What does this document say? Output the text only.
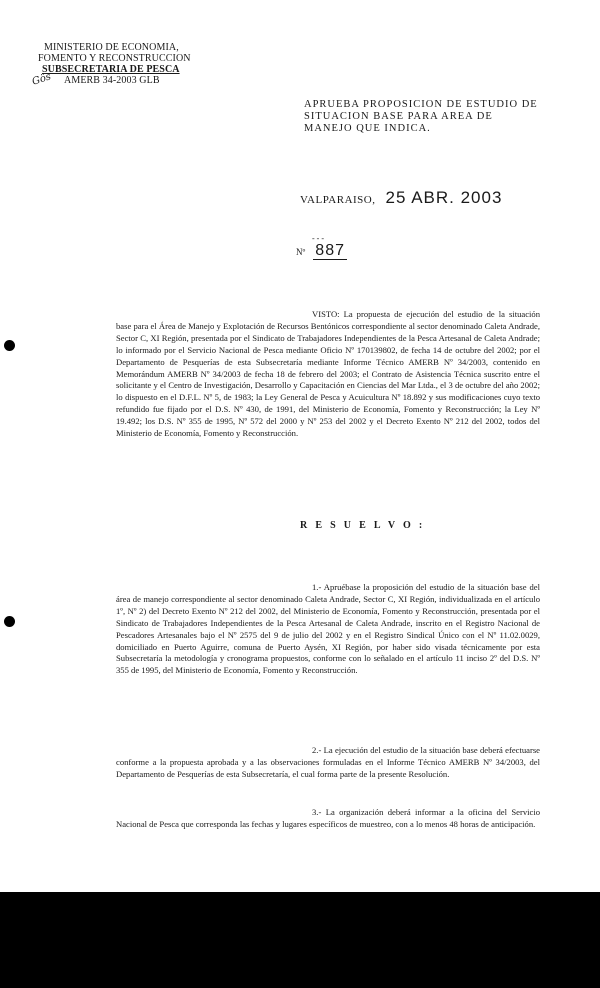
MINISTERIO DE ECONOMIA,
FOMENTO Y RECONSTRUCCION
SUBSECRETARIA DE PESCA
AMERB 34-2003 GLB
Gös
APRUEBA PROPOSICION DE ESTUDIO DE SITUACION BASE PARA AREA DE MANEJO QUE INDICA.
VALPARAISO, 25 ABR. 2003
- - -
Nº 887
VISTO: La propuesta de ejecución del estudio de la situación base para el Área de Manejo y Explotación de Recursos Bentónicos correspondiente al sector denominado Caleta Andrade, Sector C, XI Región, presentada por el Sindicato de Trabajadores Independientes de la Pesca Artesanal de Caleta Andrade; lo informado por el Servicio Nacional de Pesca mediante Oficio Nº 170139802, de fecha 14 de octubre del 2002; por el Departamento de Pesquerías de esta Subsecretaría mediante Informe Técnico AMERB Nº 34/2003, contenido en Memorándum AMERB Nº 34/2003 de fecha 18 de febrero del 2003; el Contrato de Asistencia Técnica suscrito entre el solicitante y el Centro de Investigación, Desarrollo y Capacitación en Ciencias del Mar Ltda., el 3 de octubre del año 2002; lo dispuesto en el D.F.L. Nº 5, de 1983; la Ley General de Pesca y Acuicultura Nº 18.892 y sus modificaciones cuyo texto refundido fue fijado por el D.S. Nº 430, de 1991, del Ministerio de Economía, Fomento y Reconstrucción; la Ley Nº 19.492; los D.S. Nº 355 de 1995, Nº 572 del 2000 y Nº 253 del 2002 y el Decreto Exento Nº 212 del 2002, todos del Ministerio de Economía, Fomento y Reconstrucción.
R E S U E L V O :
1.- Apruébase la proposición del estudio de la situación base del área de manejo correspondiente al sector denominado Caleta Andrade, Sector C, XI Región, individualizada en el artículo 1º, Nº 2) del Decreto Exento Nº 212 del 2002, del Ministerio de Economía, Fomento y Reconstrucción, presentada por el Sindicato de Trabajadores Independientes de la Pesca Artesanal de Caleta Andrade, inscrito en el Registro Nacional de Pescadores Artesanales bajo el Nº 2575 del 9 de julio del 2002 y en el Registro Sindical Único con el Nº 11.02.0029, domiciliado en Puerto Aguirre, comuna de Puerto Aysén, XI Región, por haber sido visada técnicamente por esta Subsecretaría la metodología y cronograma propuestos, conforme con lo señalado en el artículo 11 inciso 2º del D.S. Nº 355 de 1995, del Ministerio de Economía, Fomento y Reconstrucción.
2.- La ejecución del estudio de la situación base deberá efectuarse conforme a la propuesta aprobada y a las observaciones formuladas en el Informe Técnico AMERB Nº 34/2003, del Departamento de Pesquerías de esta Subsecretaría, el cual forma parte de la presente Resolución.
3.- La organización deberá informar a la oficina del Servicio Nacional de Pesca que corresponda las fechas y lugares específicos de muestreo, con a lo menos 48 horas de anticipación.
